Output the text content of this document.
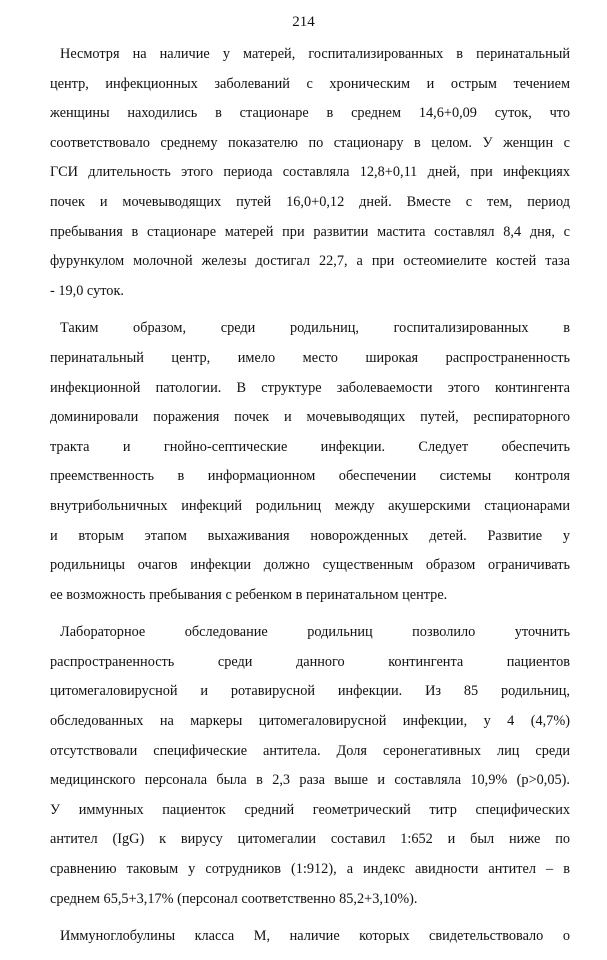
214
Несмотря на наличие у матерей, госпитализированных в перинатальный
центр, инфекционных заболеваний с хроническим и острым течением
женщины находились в стационаре в среднем 14,6+0,09 суток, что
соответствовало среднему показателю по стационару в целом. У женщин с
ГСИ длительность этого периода составляла 12,8+0,11 дней, при инфекциях
почек и мочевыводящих путей 16,0+0,12 дней. Вместе с тем, период
пребывания в стационаре матерей при развитии мастита составлял 8,4 дня, с
фурункулом молочной железы достигал 22,7, а при остеомиелите костей таза
- 19,0 суток.
Таким образом, среди родильниц, госпитализированных в
перинатальный центр, имело место широкая распространенность
инфекционной патологии. В структуре заболеваемости этого контингента
доминировали поражения почек и мочевыводящих путей, респираторного
тракта и гнойно-септические инфекции. Следует обеспечить
преемственность в информационном обеспечении системы контроля
внутрибольничных инфекций родильниц между акушерскими стационарами
и вторым этапом выхаживания новорожденных детей. Развитие у
родильницы очагов инфекции должно существенным образом ограничивать
ее возможность пребывания с ребенком в перинатальном центре.
Лабораторное обследование родильниц позволило уточнить
распространенность среди данного контингента пациентов
цитомегаловирусной и ротавирусной инфекции. Из 85 родильниц,
обследованных на маркеры цитомегаловирусной инфекции, у 4 (4,7%)
отсутствовали специфические антитела. Доля серонегативных лиц среди
медицинского персонала была в 2,3 раза выше и составляла 10,9% (р>0,05).
У иммунных пациенток средний геометрический титр специфических
антител (IgG) к вирусу цитомегалии составил 1:652 и был ниже по
сравнению таковым у сотрудников (1:912), а индекс авидности антител – в
среднем 65,5+3,17% (персонал соответственно 85,2+3,10%).
Иммуноглобулины класса М, наличие которых свидетельствовало о
